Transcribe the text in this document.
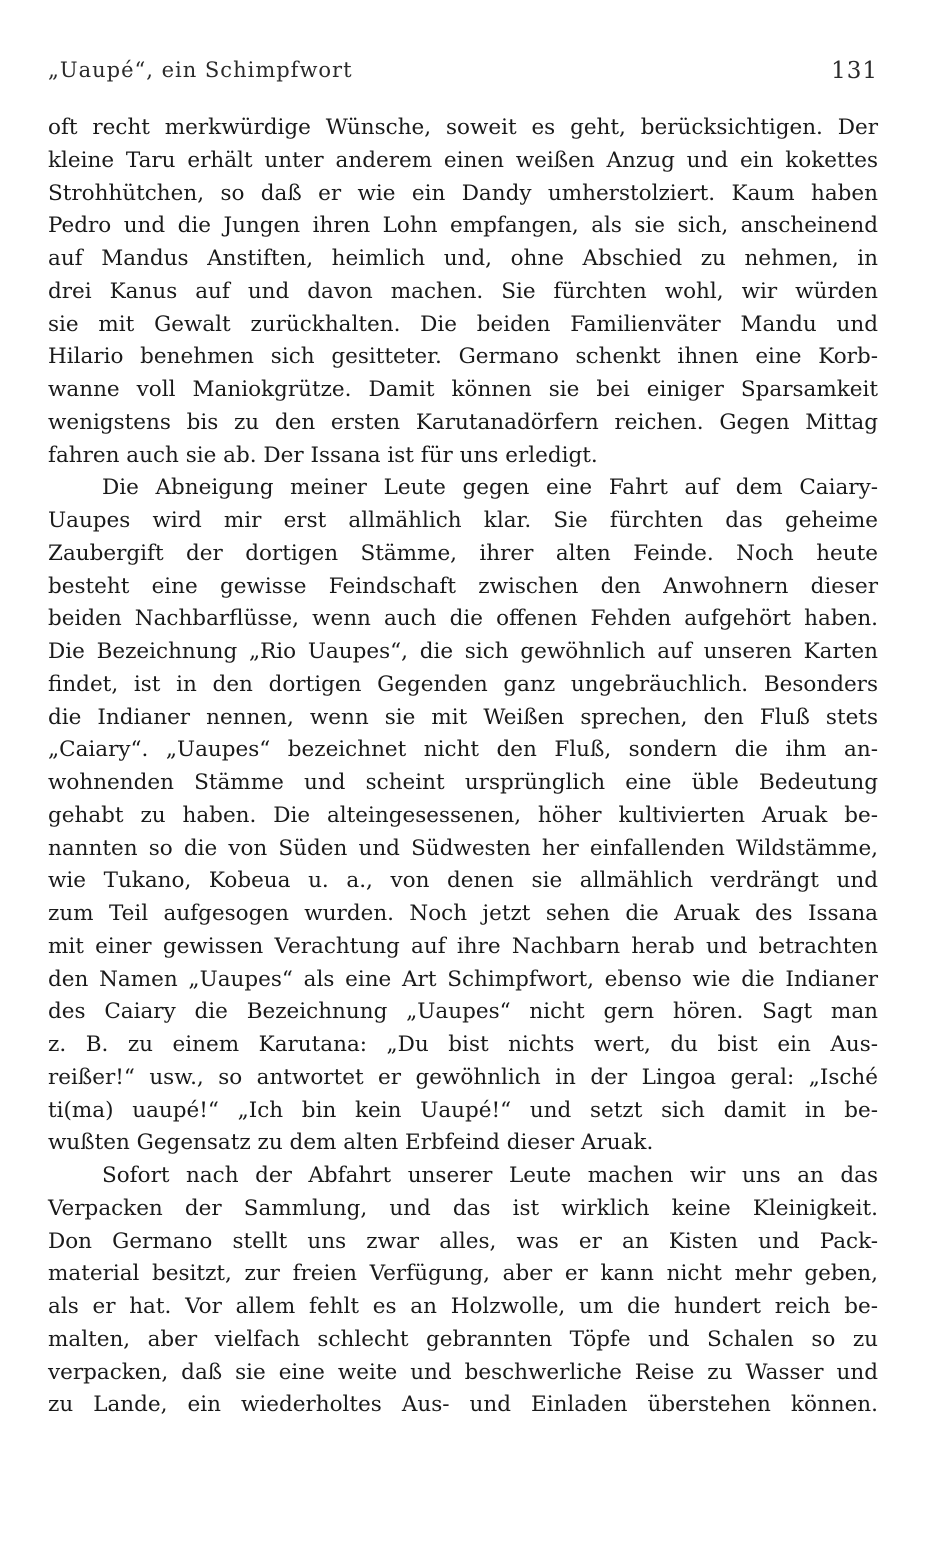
„Uaupé“, ein Schimpfwort	131
oft recht merkwürdige Wünsche, soweit es geht, berücksichtigen. Der
kleine Taru erhält unter anderem einen weißen Anzug und ein kokettes
Strohhütchen, so daß er wie ein Dandy umherstolziert. Kaum haben
Pedro und die Jungen ihren Lohn empfangen, als sie sich, anscheinend
auf Mandus Anstiften, heimlich und, ohne Abschied zu nehmen, in
drei Kanus auf und davon machen. Sie fürchten wohl, wir würden
sie mit Gewalt zurückhalten. Die beiden Familienväter Mandu und
Hilario benehmen sich gesitteter. Germano schenkt ihnen eine Korb-
wanne voll Maniokgrütze. Damit können sie bei einiger Sparsamkeit
wenigstens bis zu den ersten Karutanadörfern reichen. Gegen Mittag
fahren auch sie ab. Der Issana ist für uns erledigt.
Die Abneigung meiner Leute gegen eine Fahrt auf dem Caiary-
Uaupes wird mir erst allmählich klar. Sie fürchten das geheime
Zaubergift der dortigen Stämme, ihrer alten Feinde. Noch heute
besteht eine gewisse Feindschaft zwischen den Anwohnern dieser
beiden Nachbarflüsse, wenn auch die offenen Fehden aufgehört haben.
Die Bezeichnung „Rio Uaupes“, die sich gewöhnlich auf unseren Karten
findet, ist in den dortigen Gegenden ganz ungebräuchlich. Besonders
die Indianer nennen, wenn sie mit Weißen sprechen, den Fluß stets
„Caiary“. „Uaupes“ bezeichnet nicht den Fluß, sondern die ihm an-
wohnenden Stämme und scheint ursprünglich eine üble Bedeutung
gehabt zu haben. Die alteingesessenen, höher kultivierten Aruak be-
nannten so die von Süden und Südwesten her einfallenden Wildstämme,
wie Tukano, Kobeua u. a., von denen sie allmählich verdrängt und
zum Teil aufgesogen wurden. Noch jetzt sehen die Aruak des Issana
mit einer gewissen Verachtung auf ihre Nachbarn herab und betrachten
den Namen „Uaupes“ als eine Art Schimpfwort, ebenso wie die Indianer
des Caiary die Bezeichnung „Uaupes“ nicht gern hören. Sagt man
z. B. zu einem Karutana: „Du bist nichts wert, du bist ein Aus-
reißer!“ usw., so antwortet er gewöhnlich in der Lingoa geral: „Isché
ti(ma) uaupé!“ „Ich bin kein Uaupé!“ und setzt sich damit in be-
wußten Gegensatz zu dem alten Erbfeind dieser Aruak.
Sofort nach der Abfahrt unserer Leute machen wir uns an das
Verpacken der Sammlung, und das ist wirklich keine Kleinigkeit.
Don Germano stellt uns zwar alles, was er an Kisten und Pack-
material besitzt, zur freien Verfügung, aber er kann nicht mehr geben,
als er hat. Vor allem fehlt es an Holzwolle, um die hundert reich be-
malten, aber vielfach schlecht gebrannten Töpfe und Schalen so zu
verpacken, daß sie eine weite und beschwerliche Reise zu Wasser und
zu Lande, ein wiederholtes Aus- und Einladen überstehen können.
